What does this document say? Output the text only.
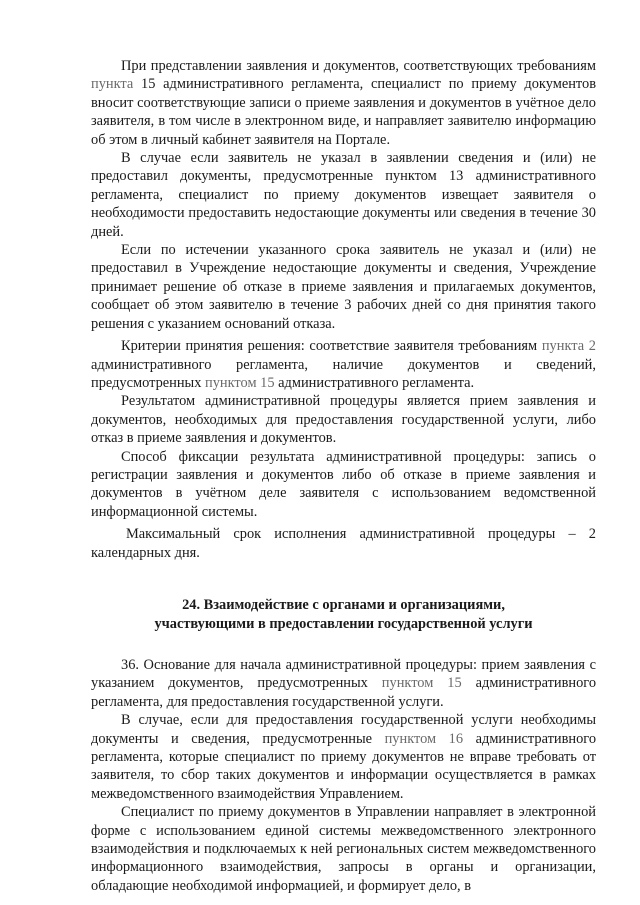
При представлении заявления и документов, соответствующих требованиям пункта 15 административного регламента, специалист по приему документов вносит соответствующие записи о приеме заявления и документов в учётное дело заявителя, в том числе в электронном виде, и направляет заявителю информацию об этом в личный кабинет заявителя на Портале.

В случае если заявитель не указал в заявлении сведения и (или) не предоставил документы, предусмотренные пунктом 13 административного регламента, специалист по приему документов извещает заявителя о необходимости предоставить недостающие документы или сведения в течение 30 дней.

Если по истечении указанного срока заявитель не указал и (или) не предоставил в Учреждение недостающие документы и сведения, Учреждение принимает решение об отказе в приеме заявления и прилагаемых документов, сообщает об этом заявителю в течение 3 рабочих дней со дня принятия такого решения с указанием оснований отказа.

Критерии принятия решения: соответствие заявителя требованиям пункта 2 административного регламента, наличие документов и сведений, предусмотренных пунктом 15 административного регламента.

Результатом административной процедуры является прием заявления и документов, необходимых для предоставления государственной услуги, либо отказ в приеме заявления и документов.

Способ фиксации результата административной процедуры: запись о регистрации заявления и документов либо об отказе в приеме заявления и документов в учётном деле заявителя с использованием ведомственной информационной системы.

Максимальный срок исполнения административной процедуры – 2 календарных дня.

24. Взаимодействие с органами и организациями,
участвующими в предоставлении государственной услуги

36. Основание для начала административной процедуры: прием заявления с указанием документов, предусмотренных пунктом 15 административного регламента, для предоставления государственной услуги.

В случае, если для предоставления государственной услуги необходимы документы и сведения, предусмотренные пунктом 16 административного регламента, которые специалист по приему документов не вправе требовать от заявителя, то сбор таких документов и информации осуществляется в рамках межведомственного взаимодействия Управлением.

Специалист по приему документов в Управлении направляет в электронной форме с использованием единой системы межведомственного электронного взаимодействия и подключаемых к ней региональных систем межведомственного информационного взаимодействия, запросы в органы и организации, обладающие необходимой информацией, и формирует дело, в
